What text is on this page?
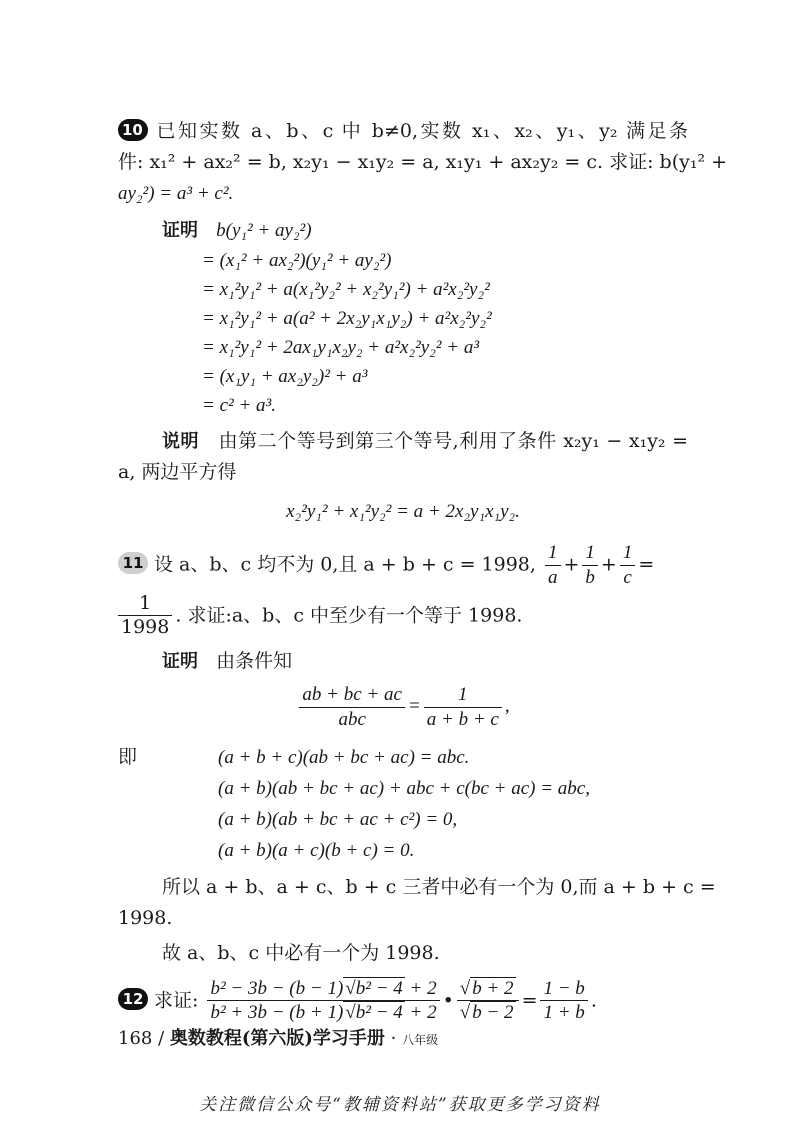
10 已知实数 a、b、c 中 b≠0,实数 x₁、x₂、y₁、y₂ 满足条
件: x₁² + ax₂² = b, x₂y₁ − x₁y₂ = a, x₁y₁ + ax₂y₂ = c. 求证: b(y₁² +
ay₂²) = a³ + c².
证明 b(y₁² + ay₂²)
= (x₁² + ax₂²)(y₁² + ay₂²)
= x₁²y₁² + a(x₁²y₂² + x₂²y₁²) + a²x₂²y₂²
= x₁²y₁² + a(a² + 2x₂y₁x₁y₂) + a²x₂²y₂²
= x₁²y₁² + 2ax₁y₁x₂y₂ + a²x₂²y₂² + a³
= (x₁y₁ + ax₂y₂)² + a³
= c² + a³.
说明 由第二个等号到第三个等号,利用了条件 x₂y₁ − x₁y₂ =
a, 两边平方得
x₂²y₁² + x₁²y₂² = a + 2x₂y₁x₁y₂.
11 设 a、b、c 均不为 0,且 a + b + c = 1998, $\frac{1}{a} + \frac{1}{b} + \frac{1}{c}$ =
$\frac{1}{1998}$ . 求证:a、b、c 中至少有一个等于 1998.
证明 由条件知
$\frac{ab + bc + ac}{\text{abc}} = \frac{1}{a + b + c}$ ,
即	(a + b + c)(ab + bc + ac) = abc.
(a + b)(ab + bc + ac) + abc + c(bc + ac) = abc,
(a + b)(ab + bc + ac + c²) = 0,
(a + b)(a + c)(b + c) = 0.
所以 a + b、a + c、b + c 三者中必有一个为 0,而 a + b + c =
1998.
故 a、b、c 中必有一个为 1998.
12 求证: $\frac{\text{b² − 3b − (b − 1) √b² − 4 + 2}}{\text{b² + 3b − (b + 1) √b² − 4 + 2}}$ • $\frac{√ b + 2}{√ b - 2} = \frac{1 - b}{1 + b}$ .
168 / 奥数教程(第六版)学习手册 · 八年级
关注微信公众号“教辅资料站”获取更多学习资料
